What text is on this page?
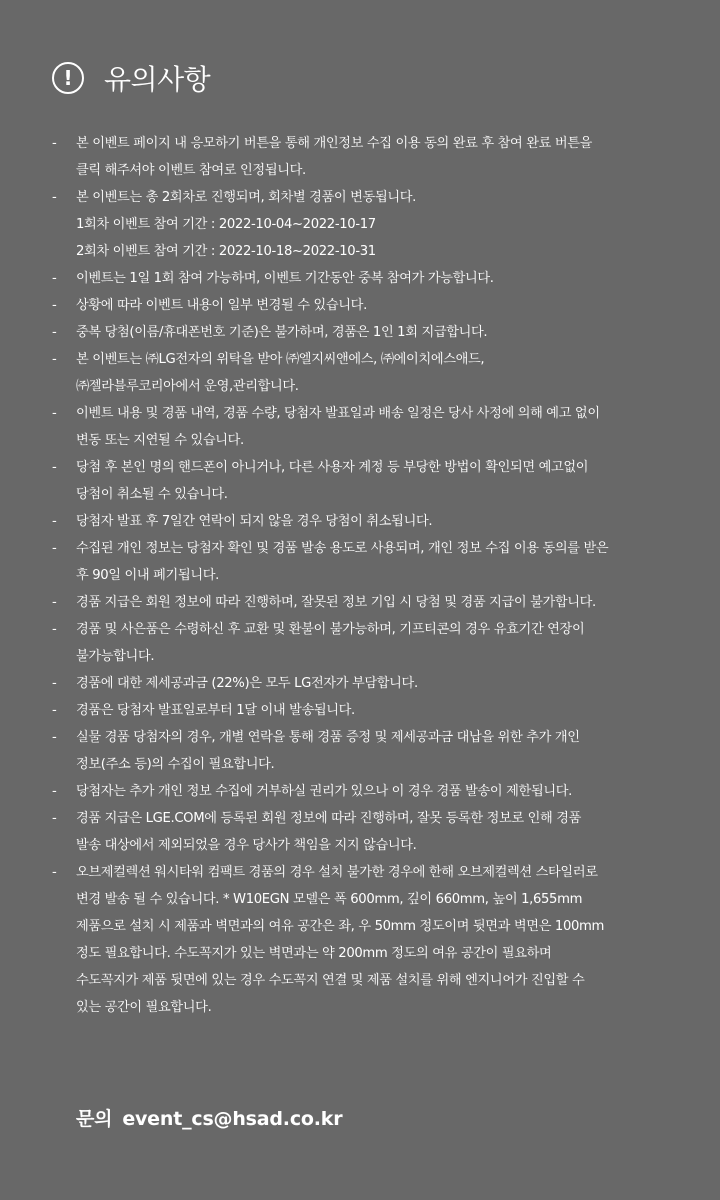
!	유의사항
-	본 이벤트 페이지 내 응모하기 버튼을 통해 개인정보 수집 이용 동의 완료 후 참여 완료 버튼을
클릭 해주셔야 이벤트 참여로 인정됩니다.
-	본 이벤트는 총 2회차로 진행되며, 회차별 경품이 변동됩니다.
1회차 이벤트 참여 기간 : 2022-10-04~2022-10-17
2회차 이벤트 참여 기간 : 2022-10-18~2022-10-31
-	이벤트는 1일 1회 참여 가능하며, 이벤트 기간동안 중복 참여가 가능합니다.
-	상황에 따라 이벤트 내용이 일부 변경될 수 있습니다.
-	중복 당첨(이름/휴대폰번호 기준)은 불가하며, 경품은 1인 1회 지급합니다.
-	본 이벤트는 ㈜LG전자의 위탁을 받아 ㈜엘지씨앤에스, ㈜에이치에스애드,
㈜젤라블루코리아에서 운영,관리합니다.
-	이벤트 내용 및 경품 내역, 경품 수량, 당첨자 발표일과 배송 일정은 당사 사정에 의해 예고 없이
변동 또는 지연될 수 있습니다.
-	당첨 후 본인 명의 핸드폰이 아니거나, 다른 사용자 계정 등 부당한 방법이 확인되면 예고없이
당첨이 취소될 수 있습니다.
-	당첨자 발표 후 7일간 연락이 되지 않을 경우 당첨이 취소됩니다.
-	수집된 개인 정보는 당첨자 확인 및 경품 발송 용도로 사용되며, 개인 정보 수집 이용 동의를 받은
후 90일 이내 폐기됩니다.
-	경품 지급은 회원 정보에 따라 진행하며, 잘못된 정보 기입 시 당첨 및 경품 지급이 불가합니다.
-	경품 및 사은품은 수령하신 후 교환 및 환불이 불가능하며, 기프티콘의 경우 유효기간 연장이
불가능합니다.
-	경품에 대한 제세공과금 (22%)은 모두 LG전자가 부담합니다.
-	경품은 당첨자 발표일로부터 1달 이내 발송됩니다.
-	실물 경품 당첨자의 경우, 개별 연락을 통해 경품 증정 및 제세공과금 대납을 위한 추가 개인
정보(주소 등)의 수집이 필요합니다.
-	당첨자는 추가 개인 정보 수집에 거부하실 권리가 있으나 이 경우 경품 발송이 제한됩니다.
-	경품 지급은 LGE.COM에 등록된 회원 정보에 따라 진행하며, 잘못 등록한 정보로 인해 경품
발송 대상에서 제외되었을 경우 당사가 책임을 지지 않습니다.
-	오브제컬렉션 워시타워 컴팩트 경품의 경우 설치 불가한 경우에 한해 오브제컬렉션 스타일러로
변경 발송 될 수 있습니다. * W10EGN 모델은 폭 600mm, 깊이 660mm, 높이 1,655mm
제품으로 설치 시 제품과 벽면과의 여유 공간은 좌, 우 50mm 정도이며 뒷면과 벽면은 100mm
정도 필요합니다. 수도꼭지가 있는 벽면과는 약 200mm 정도의 여유 공간이 필요하며
수도꼭지가 제품 뒷면에 있는 경우 수도꼭지 연결 및 제품 설치를 위해 엔지니어가 진입할 수
있는 공간이 필요합니다.
문의 event_cs@hsad.co.kr
